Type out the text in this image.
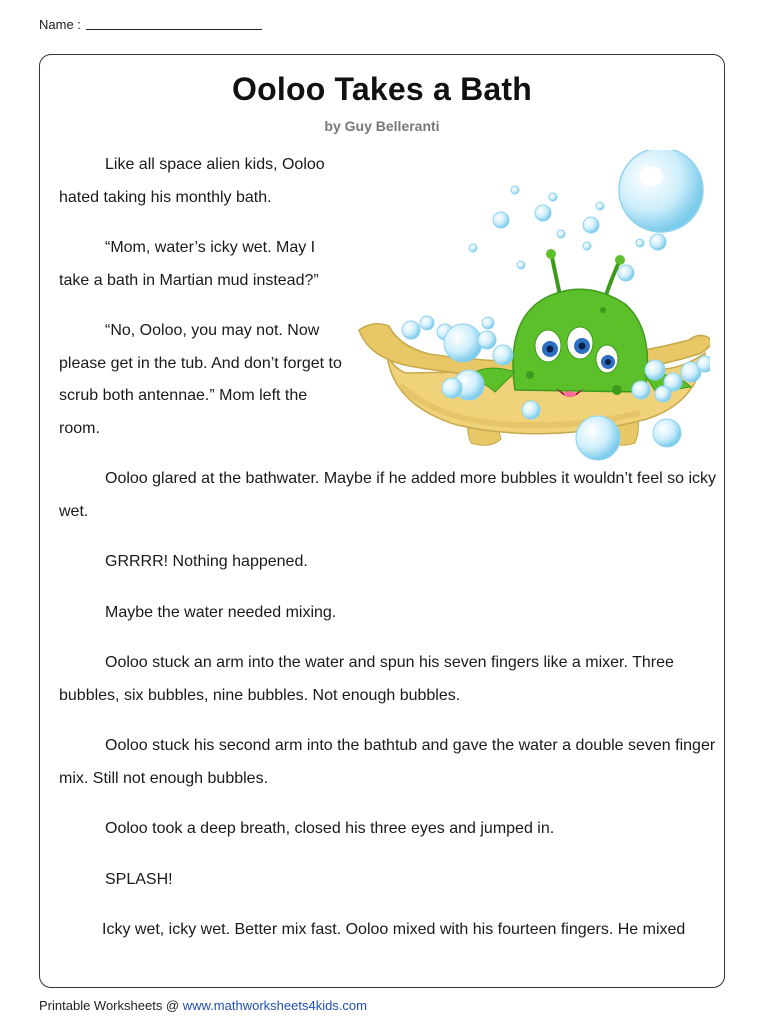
Name :
Ooloo Takes a Bath
by Guy Belleranti

Like all space alien kids, Ooloo hated taking his monthly bath.

“Mom, water’s icky wet. May I take a bath in Martian mud instead?”

“No, Ooloo, you may not. Now please get in the tub. And don’t forget to scrub both antennae.” Mom left the room.

Ooloo glared at the bathwater. Maybe if he added more bubbles it wouldn’t feel so icky wet.

GRRRR! Nothing happened.

Maybe the water needed mixing.

Ooloo stuck an arm into the water and spun his seven fingers like a mixer. Three bubbles, six bubbles, nine bubbles. Not enough bubbles.

Ooloo stuck his second arm into the bathtub and gave the water a double seven finger mix. Still not enough bubbles.

Ooloo took a deep breath, closed his three eyes and jumped in.

SPLASH!

Icky wet, icky wet. Better mix fast. Ooloo mixed with his fourteen fingers. He mixed

Printable Worksheets @ www.mathworksheets4kids.com
